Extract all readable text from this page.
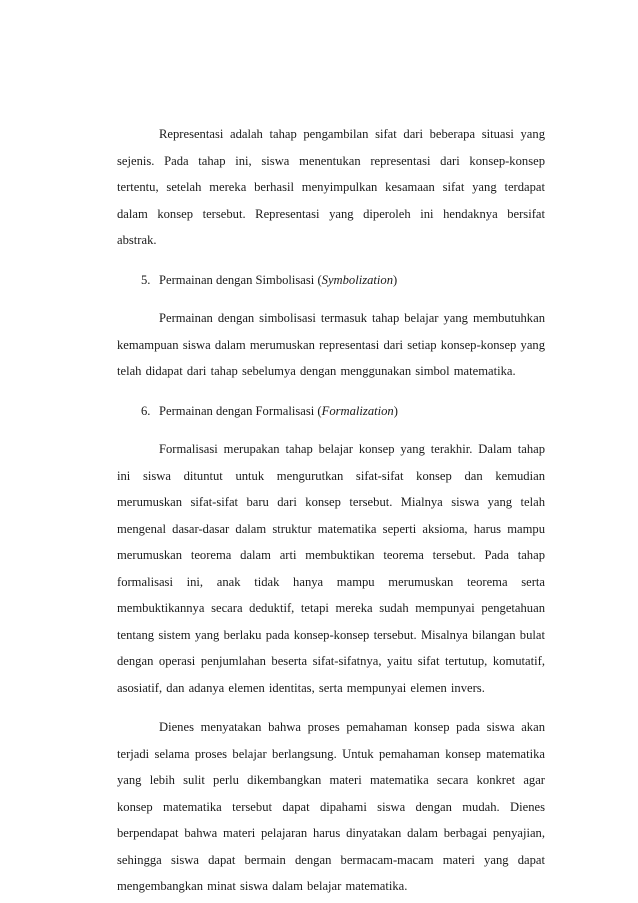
Representasi adalah tahap pengambilan sifat dari beberapa situasi yang sejenis. Pada tahap ini, siswa menentukan representasi dari konsep-konsep tertentu, setelah mereka berhasil menyimpulkan kesamaan sifat yang terdapat dalam konsep tersebut. Representasi yang diperoleh ini hendaknya bersifat abstrak.

5. Permainan dengan Simbolisasi (Symbolization)

Permainan dengan simbolisasi termasuk tahap belajar yang membutuhkan kemampuan siswa dalam merumuskan representasi dari setiap konsep-konsep yang telah didapat dari tahap sebelumya dengan menggunakan simbol matematika.

6. Permainan dengan Formalisasi (Formalization)

Formalisasi merupakan tahap belajar konsep yang terakhir. Dalam tahap ini siswa dituntut untuk mengurutkan sifat-sifat konsep dan kemudian merumuskan sifat-sifat baru dari konsep tersebut. Mialnya siswa yang telah mengenal dasar-dasar dalam struktur matematika seperti aksioma, harus mampu merumuskan teorema dalam arti membuktikan teorema tersebut. Pada tahap formalisasi ini, anak tidak hanya mampu merumuskan teorema serta membuktikannya secara deduktif, tetapi mereka sudah mempunyai pengetahuan tentang sistem yang berlaku pada konsep-konsep tersebut. Misalnya bilangan bulat dengan operasi penjumlahan beserta sifat-sifatnya, yaitu sifat tertutup, komutatif, asosiatif, dan adanya elemen identitas, serta mempunyai elemen invers.

Dienes menyatakan bahwa proses pemahaman konsep pada siswa akan terjadi selama proses belajar berlangsung. Untuk pemahaman konsep matematika yang lebih sulit perlu dikembangkan materi matematika secara konkret agar konsep matematika tersebut dapat dipahami siswa dengan mudah. Dienes berpendapat bahwa materi pelajaran harus dinyatakan dalam berbagai penyajian, sehingga siswa dapat bermain dengan bermacam-macam materi yang dapat mengembangkan minat siswa dalam belajar matematika.
